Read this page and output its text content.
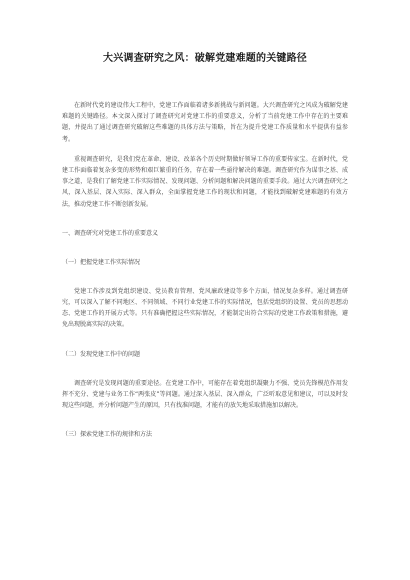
大兴调查研究之风：破解党建难题的关键路径

在新时代党的建设伟大工程中，党建工作面临着诸多新挑战与新问题。大兴调查研究之风成为破解党建难题的关键路径。本文深入探讨了调查研究对党建工作的重要意义，分析了当前党建工作中存在的主要难题，并提出了通过调查研究破解这些难题的具体方法与策略，旨在为提升党建工作质量和水平提供有益参考。

重视调查研究，是我们党在革命、建设、改革各个历史时期做好领导工作的重要传家宝。在新时代，党建工作面临着复杂多变的形势和艰巨繁重的任务，存在着一些亟待解决的难题。调查研究作为谋事之基、成事之道，是我们了解党建工作实际情况、发现问题、分析问题和解决问题的重要手段。通过大兴调查研究之风，深入基层、深入实际、深入群众，全面掌握党建工作的现状和问题，才能找到破解党建难题的有效方法，推动党建工作不断创新发展。

一、调查研究对党建工作的重要意义

（一）把握党建工作实际情况

党建工作涉及到党组织建设、党员教育管理、党风廉政建设等多个方面，情况复杂多样。通过调查研究，可以深入了解不同地区、不同领域、不同行业党建工作的实际情况，包括党组织的设置、党员的思想动态、党建工作的开展方式等。只有准确把握这些实际情况，才能制定出符合实际的党建工作政策和措施，避免出现脱离实际的决策。

（二）发现党建工作中的问题

调查研究是发现问题的重要途径。在党建工作中，可能存在着党组织凝聚力不强、党员先锋模范作用发挥不充分、党建与业务工作“两张皮”等问题。通过深入基层、深入群众，广泛听取意见和建议，可以及时发现这些问题，并分析问题产生的原因，只有找准问题，才能有的放矢地采取措施加以解决。

（三）探索党建工作的规律和方法
